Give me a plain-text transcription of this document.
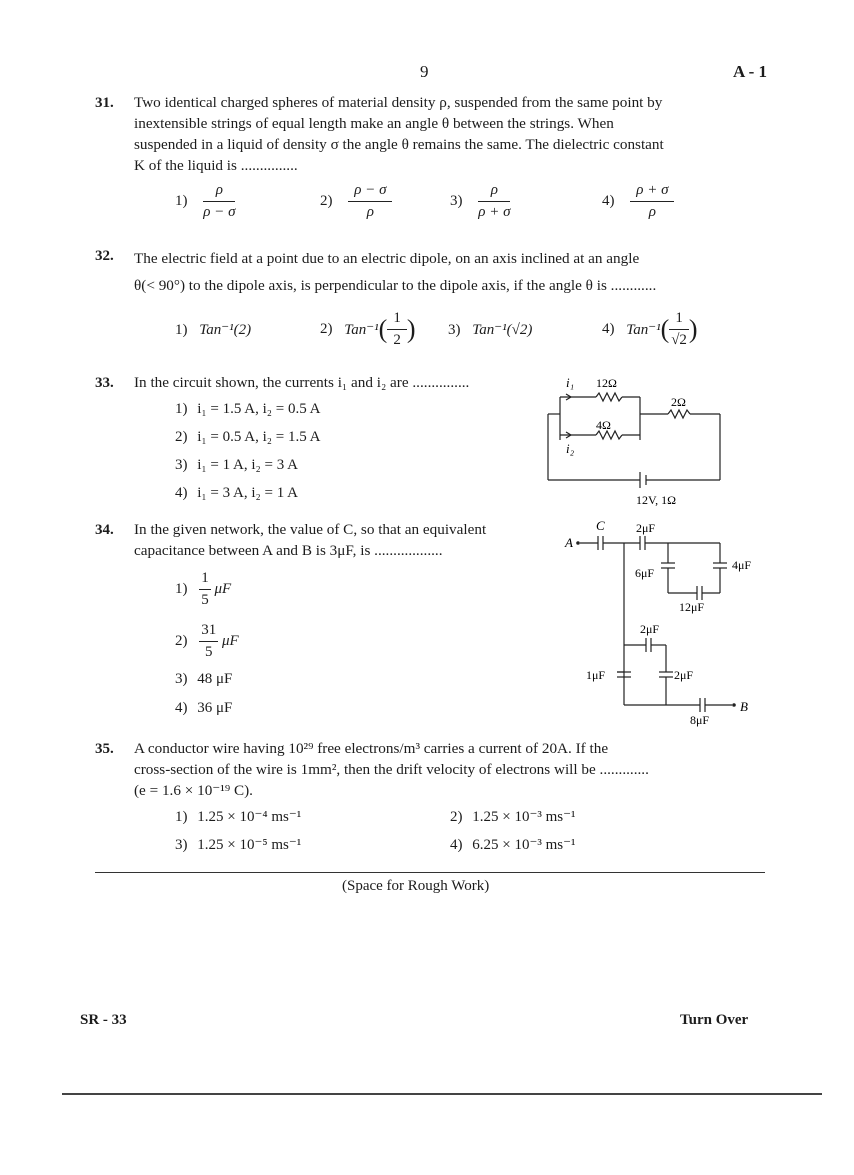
9	A - 1
31. Two identical charged spheres of material density ρ, suspended from the same point by
inextensible strings of equal length make an angle θ between the strings. When
suspended in a liquid of density σ the angle θ remains the same. The dielectric constant
K of the liquid is ...............
$1) \frac{\rho}{\rho - \sigma}$	$2) \frac{\rho - \sigma}{\rho}$	$3) \frac{\rho}{\rho + \sigma}$	$4) \frac{\rho + \sigma}{\rho}$
32. The electric field at a point due to an electric dipole, on an axis inclined at an angle
θ(< 90°) to the dipole axis, is perpendicular to the dipole axis, if the angle θ is ............
1) Tan⁻¹(2)	2) $Tan^{-1}( \frac{1}{2}$ ) 3) Tan⁻¹(√2)	4) $Tan^{-1}( \frac{1}{√2}$ )
33. In the circuit shown, the currents i₁ and i₂ are ...............
1) i₁ = 1.5 A, i₂ = 0.5 A
2) i₁ = 0.5 A, i₂ = 1.5 A
3) i₁ = 1 A, i₂ = 3 A
4) i₁ = 3 A, i₂ = 1 A
i₁ 12Ω
4Ω
2Ω
i₂
12V, 1Ω
34. In the given network, the value of C, so that an equivalent
capacitance between A and B is 3μF, is ..................
$1) \frac{1}{5}$ μF
$2) \frac{31}{5}$ μF
3) 48 μF
4) 36 μF
A
B
C	2μF
4μF
6μF
12μF
2μF
1μF	2μF
8μF
35. A conductor wire having 10²⁹ free electrons/m³ carries a current of 20A. If the
cross-section of the wire is 1mm², then the drift velocity of electrons will be .............
(e = 1.6 × 10⁻¹⁹ C).
1) 1.25 × 10⁻⁴ ms⁻¹	2) 1.25 × 10⁻³ ms⁻¹
3) 1.25 × 10⁻⁵ ms⁻¹	4) 6.25 × 10⁻³ ms⁻¹
(Space for Rough Work)
SR - 33	Turn Over
